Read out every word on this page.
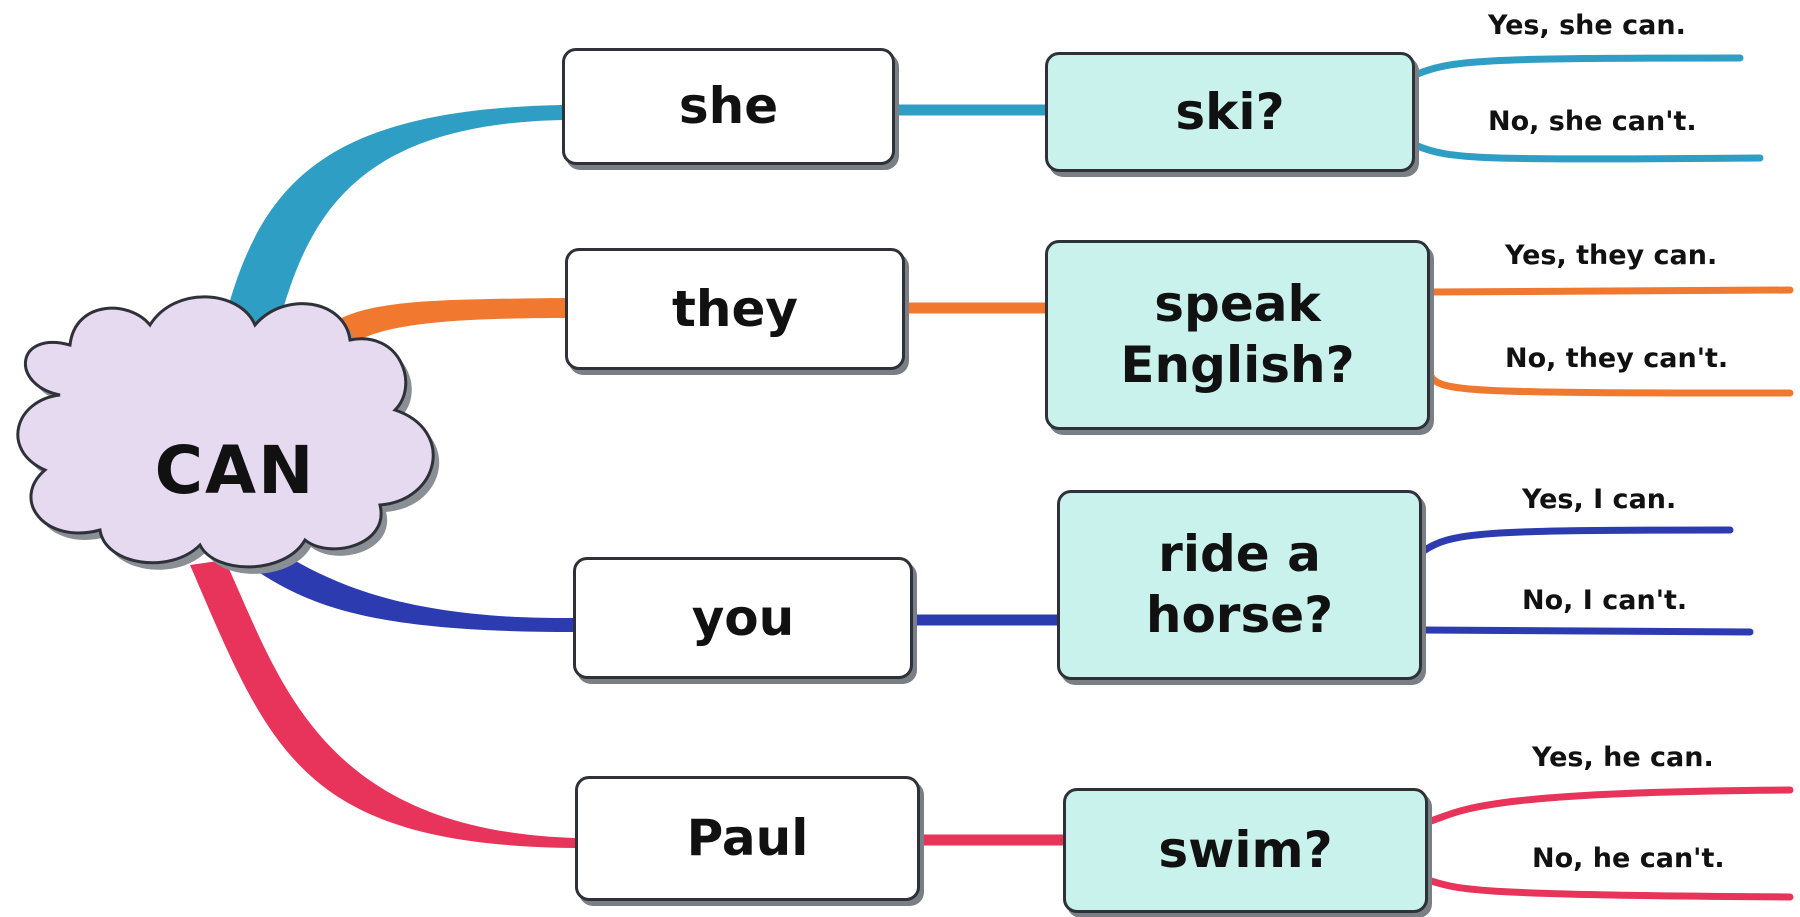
CAN
she	ski?
Yes, she can.
No, she can't.
they	speak
English?
Yes, they can.
No, they can't.
you
ride a
horse?
Yes, I can.
No, I can't.
Paul	swim?
Yes, he can.
No, he can't.
